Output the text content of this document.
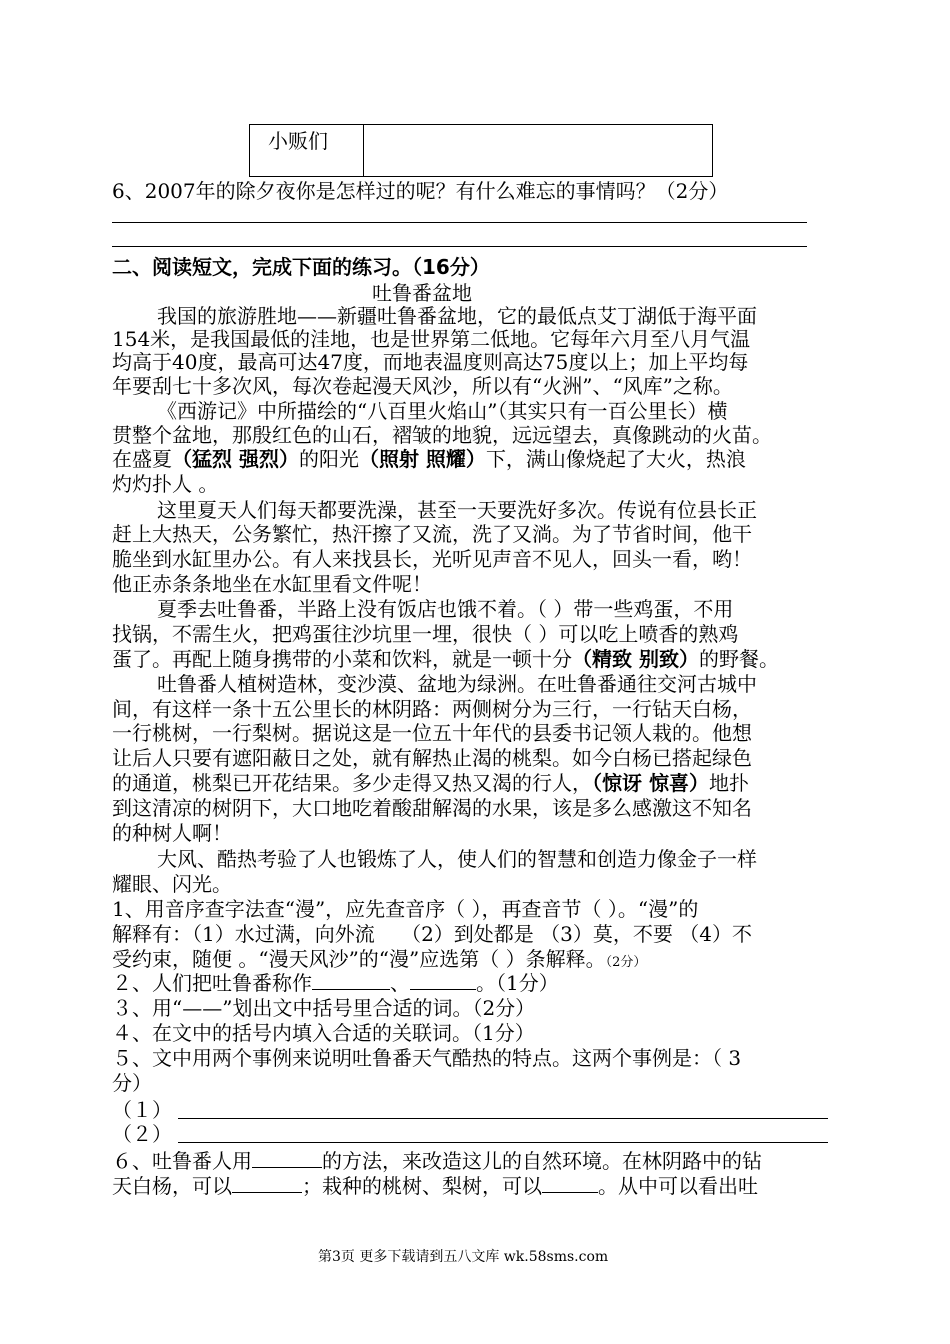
小贩们	
6、2007年的除夕夜你是怎样过的呢？有什么难忘的事情吗？（2分）
二、阅读短文，完成下面的练习。（16分）
吐鲁番盆地
我国的旅游胜地——新疆吐鲁番盆地，它的最低点艾丁湖低于海平面
154米，是我国最低的洼地，也是世界第二低地。它每年六月至八月气温
均高于40度，最高可达47度，而地表温度则高达75度以上；加上平均每
年要刮七十多次风，每次卷起漫天风沙，所以有“火洲”、“风库”之称。
《西游记》中所描绘的“八百里火焰山”（其实只有一百公里长）横
贯整个盆地，那殷红色的山石，褶皱的地貌，远远望去，真像跳动的火苗。
在盛夏（猛烈 强烈）的阳光（照射 照耀）下，满山像烧起了大火，热浪
灼灼扑人 。
这里夏天人们每天都要洗澡，甚至一天要洗好多次。传说有位县长正
赶上大热天，公务繁忙，热汗擦了又流，洗了又淌。为了节省时间，他干
脆坐到水缸里办公。有人来找县长，光听见声音不见人，回头一看，哟！
他正赤条条地坐在水缸里看文件呢！
夏季去吐鲁番，半路上没有饭店也饿不着。（ ）带一些鸡蛋，不用
找锅，不需生火，把鸡蛋往沙坑里一埋，很快（ ）可以吃上喷香的熟鸡
蛋了。再配上随身携带的小菜和饮料，就是一顿十分（精致 别致）的野餐。
吐鲁番人植树造林，变沙漠、盆地为绿洲。在吐鲁番通往交河古城中
间，有这样一条十五公里长的林阴路：两侧树分为三行，一行钻天白杨，
一行桃树，一行梨树。据说这是一位五十年代的县委书记领人栽的。他想
让后人只要有遮阳蔽日之处，就有解热止渴的桃梨。如今白杨已搭起绿色
的通道，桃梨已开花结果。多少走得又热又渴的行人，（惊讶 惊喜）地扑
到这清凉的树阴下，大口地吃着酸甜解渴的水果，该是多么感激这不知名
的种树人啊！
大风、酷热考验了人也锻炼了人，使人们的智慧和创造力像金子一样
耀眼、闪光。
1、用音序查字法查“漫”，应先查音序（ ），再查音节（ ）。“漫”的
解释有：（1）水过满，向外流　 （2）到处都是 （3）莫，不要 （4）不
受约束，随便 。“漫天风沙”的“漫”应选第（ ）条解释。（2分）
２、人们把吐鲁番称作	、	。（1分）
３、用“——”划出文中括号里合适的词。（2分）
４、在文中的括号内填入合适的关联词。（1分）
５、文中用两个事例来说明吐鲁番天气酷热的特点。这两个事例是：（ 3
分）
（１）
（２）
６、吐鲁番人用	的方法，来改造这儿的自然环境。在林阴路中的钻
天白杨，可以	；栽种的桃树、梨树，可以	。从中可以看出吐
第3页 更多下载请到五八文库 wk.58sms.com
